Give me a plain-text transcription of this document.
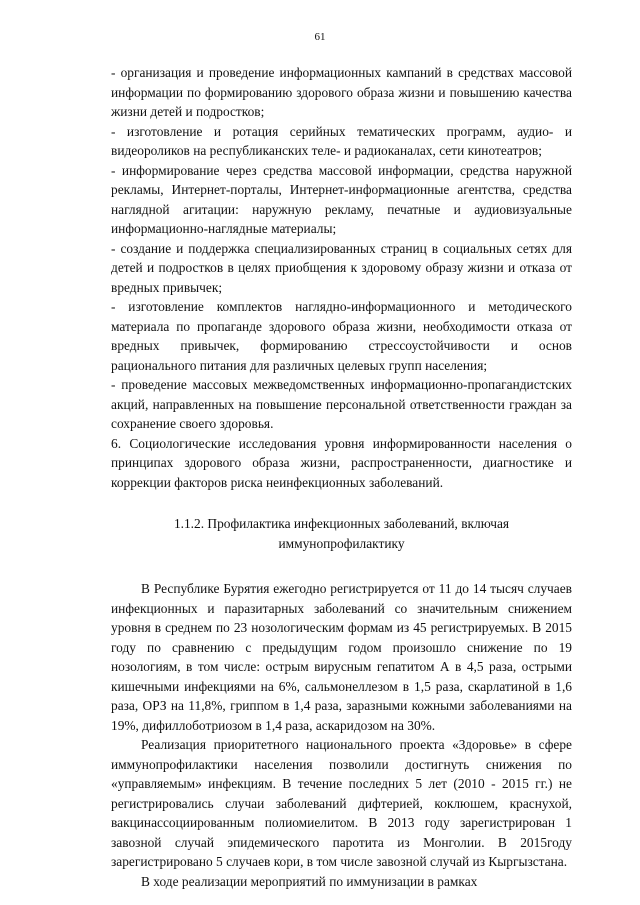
61

- организация и проведение информационных кампаний в средствах массовой информации по формированию здорового образа жизни и повышению качества жизни детей и подростков;

- изготовление и ротация серийных тематических программ, аудио- и видеороликов на республиканских теле- и радиоканалах, сети кинотеатров;

- информирование через средства массовой информации, средства наружной рекламы, Интернет-порталы, Интернет-информационные агентства, средства наглядной агитации: наружную рекламу, печатные и аудиовизуальные информационно-наглядные материалы;

- создание и поддержка специализированных страниц в социальных сетях для детей и подростков в целях приобщения к здоровому образу жизни и отказа от вредных привычек;

- изготовление комплектов наглядно-информационного и методического материала по пропаганде здорового образа жизни, необходимости отказа от вредных привычек, формированию стрессоустойчивости и основ рационального питания для различных целевых групп населения;

- проведение массовых межведомственных информационно-пропагандистских акций, направленных на повышение персональной ответственности граждан за сохранение своего здоровья.

6. Социологические исследования уровня информированности населения о принципах здорового образа жизни, распространенности, диагностике и коррекции факторов риска неинфекционных заболеваний.

1.1.2. Профилактика инфекционных заболеваний, включая иммунопрофилактику

В Республике Бурятия ежегодно регистрируется от 11 до 14 тысяч случаев инфекционных и паразитарных заболеваний со значительным снижением уровня в среднем по 23 нозологическим формам из 45 регистрируемых. В 2015 году по сравнению с предыдущим годом произошло снижение по 19 нозологиям, в том числе: острым вирусным гепатитом А в 4,5 раза, острыми кишечными инфекциями на 6%, сальмонеллезом в 1,5 раза, скарлатиной в 1,6 раза, ОРЗ на 11,8%, гриппом в 1,4 раза, заразными кожными заболеваниями на 19%, дифиллоботриозом в 1,4 раза, аскаридозом на 30%.

Реализация приоритетного национального проекта «Здоровье» в сфере иммунопрофилактики населения позволили достигнуть снижения по «управляемым» инфекциям. В течение последних 5 лет (2010 - 2015 гг.) не регистрировались случаи заболеваний дифтерией, коклюшем, краснухой, вакцинассоциированным полиомиелитом. В 2013 году зарегистрирован 1 завозной случай эпидемического паротита из Монголии. В 2015году зарегистрировано 5 случаев кори, в том числе завозной случай из Кыргызстана.

В ходе реализации мероприятий по иммунизации в рамках
